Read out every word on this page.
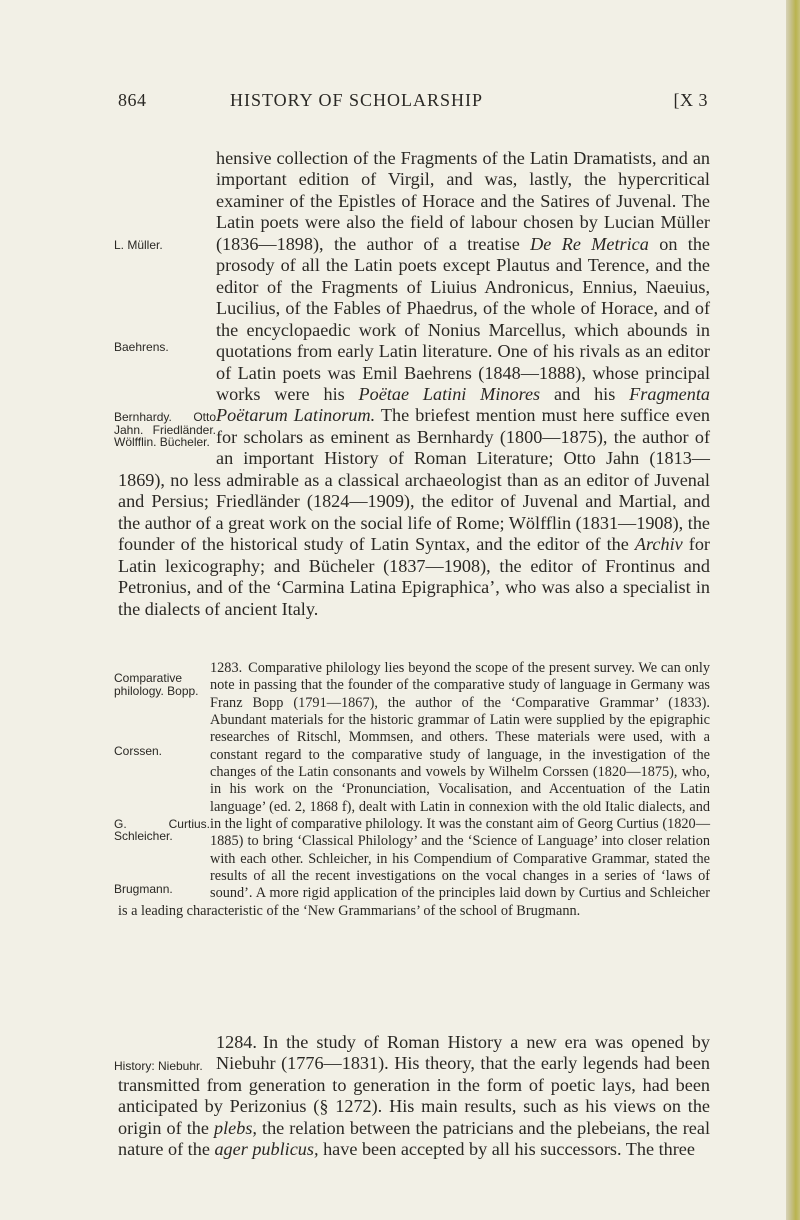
864	HISTORY OF SCHOLARSHIP	[X 3

L. Müller.
Baehrens.
Bernhardy. Otto Jahn. Friedländer. Wölfflin. Bücheler.
hensive collection of the Fragments of the Latin Dramatists, and an important edition of Virgil, and was, lastly, the hypercritical examiner of the Epistles of Horace and the Satires of Juvenal. The Latin poets were also the field of labour chosen by Lucian Müller (1836—1898), the author of a treatise De Re Metrica on the prosody of all the Latin poets except Plautus and Terence, and the editor of the Fragments of Liuius Andronicus, Ennius, Naeuius, Lucilius, of the Fables of Phaedrus, of the whole of Horace, and of the encyclopaedic work of Nonius Marcellus, which abounds in quotations from early Latin literature. One of his rivals as an editor of Latin poets was Emil Baehrens (1848—1888), whose principal works were his Poëtae Latini Minores and his Fragmenta Poëtarum Latinorum. The briefest mention must here suffice even for scholars as eminent as Bernhardy (1800—1875), the author of an important History of Roman Literature; Otto Jahn (1813—1869), no less admirable as a classical archaeologist than as an editor of Juvenal and Persius; Friedländer (1824—1909), the editor of Juvenal and Martial, and the author of a great work on the social life of Rome; Wölfflin (1831—1908), the founder of the historical study of Latin Syntax, and the editor of the Archiv for Latin lexicography; and Bücheler (1837—1908), the editor of Frontinus and Petronius, and of the ‘Carmina Latina Epigraphica’, who was also a specialist in the dialects of ancient Italy.

Comparative philology. Bopp.
Corssen.
G. Curtius. Schleicher.
Brugmann.
1283. Comparative philology lies beyond the scope of the present survey. We can only note in passing that the founder of the comparative study of language in Germany was Franz Bopp (1791—1867), the author of the ‘Comparative Grammar’ (1833). Abundant materials for the historic grammar of Latin were supplied by the epigraphic researches of Ritschl, Mommsen, and others. These materials were used, with a constant regard to the comparative study of language, in the investigation of the changes of the Latin consonants and vowels by Wilhelm Corssen (1820—1875), who, in his work on the ‘Pronunciation, Vocalisation, and Accentuation of the Latin language’ (ed. 2, 1868 f), dealt with Latin in connexion with the old Italic dialects, and in the light of comparative philology. It was the constant aim of Georg Curtius (1820—1885) to bring ‘Classical Philology’ and the ‘Science of Language’ into closer relation with each other. Schleicher, in his Compendium of Comparative Grammar, stated the results of all the recent investigations on the vocal changes in a series of ‘laws of sound’. A more rigid application of the principles laid down by Curtius and Schleicher is a leading characteristic of the ‘New Grammarians’ of the school of Brugmann.

History: Niebuhr.
1284. In the study of Roman History a new era was opened by Niebuhr (1776—1831). His theory, that the early legends had been transmitted from generation to generation in the form of poetic lays, had been anticipated by Perizonius (§ 1272). His main results, such as his views on the origin of the plebs, the relation between the patricians and the plebeians, the real nature of the ager publicus, have been accepted by all his successors. The three
